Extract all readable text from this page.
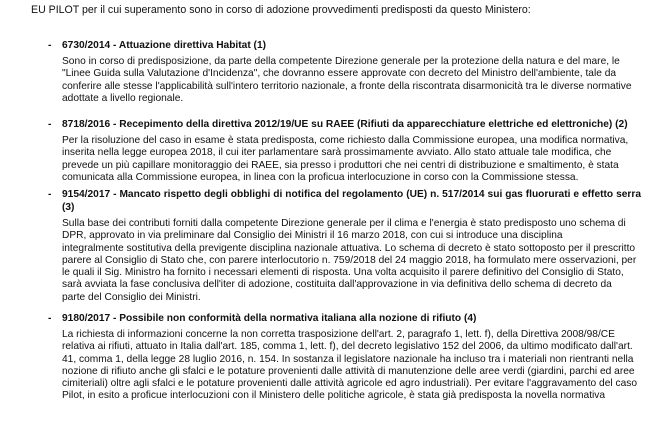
EU PILOT per il cui superamento sono in corso di adozione provvedimenti predisposti da questo Ministero:
- 6730/2014 - Attuazione direttiva Habitat (1)
Sono in corso di predisposizione, da parte della competente Direzione generale per la protezione della natura e del mare, le
"Linee Guida sulla Valutazione d'Incidenza", che dovranno essere approvate con decreto del Ministro dell'ambiente, tale da
conferire alle stesse l'applicabilità sull'intero territorio nazionale, a fronte della riscontrata disarmonicità tra le diverse normative
adottate a livello regionale.
- 8718/2016 - Recepimento della direttiva 2012/19/UE su RAEE (Rifiuti da apparecchiature elettriche ed elettroniche) (2)
Per la risoluzione del caso in esame è stata predisposta, come richiesto dalla Commissione europea, una modifica normativa,
inserita nella legge europea 2018, il cui iter parlamentare sarà prossimamente avviato. Allo stato attuale tale modifica, che
prevede un più capillare monitoraggio dei RAEE, sia presso i produttori che nei centri di distribuzione e smaltimento, è stata
comunicata alla Commissione europea, in linea con la proficua interlocuzione in corso con la Commissione stessa.
- 9154/2017 - Mancato rispetto degli obblighi di notifica del regolamento (UE) n. 517/2014 sui gas fluorurati e effetto serra (3)
Sulla base dei contributi forniti dalla competente Direzione generale per il clima e l'energia è stato predisposto uno schema di
DPR, approvato in via preliminare dal Consiglio dei Ministri il 16 marzo 2018, con cui si introduce una disciplina
integralmente sostitutiva della previgente disciplina nazionale attuativa. Lo schema di decreto è stato sottoposto per il prescritto
parere al Consiglio di Stato che, con parere interlocutorio n. 759/2018 del 24 maggio 2018, ha formulato mere osservazioni, per
le quali il Sig. Ministro ha fornito i necessari elementi di risposta. Una volta acquisito il parere definitivo del Consiglio di Stato,
sarà avviata la fase conclusiva dell'iter di adozione, costituita dall'approvazione in via definitiva dello schema di decreto da
parte del Consiglio dei Ministri.
- 9180/2017 - Possibile non conformità della normativa italiana alla nozione di rifiuto (4)
La richiesta di informazioni concerne la non corretta trasposizione dell'art. 2, paragrafo 1, lett. f), della Direttiva 2008/98/CE
relativa ai rifiuti, attuato in Italia dall'art. 185, comma 1, lett. f), del decreto legislativo 152 del 2006, da ultimo modificato dall'art.
41, comma 1, della legge 28 luglio 2016, n. 154. In sostanza il legislatore nazionale ha incluso tra i materiali non rientranti nella
nozione di rifiuto anche gli sfalci e le potature provenienti dalle attività di manutenzione delle aree verdi (giardini, parchi ed aree
cimiteriali) oltre agli sfalci e le potature provenienti dalle attività agricole ed agro industriali). Per evitare l'aggravamento del caso
Pilot, in esito a proficue interlocuzioni con il Ministero delle politiche agricole, è stata già predisposta la novella normativa
